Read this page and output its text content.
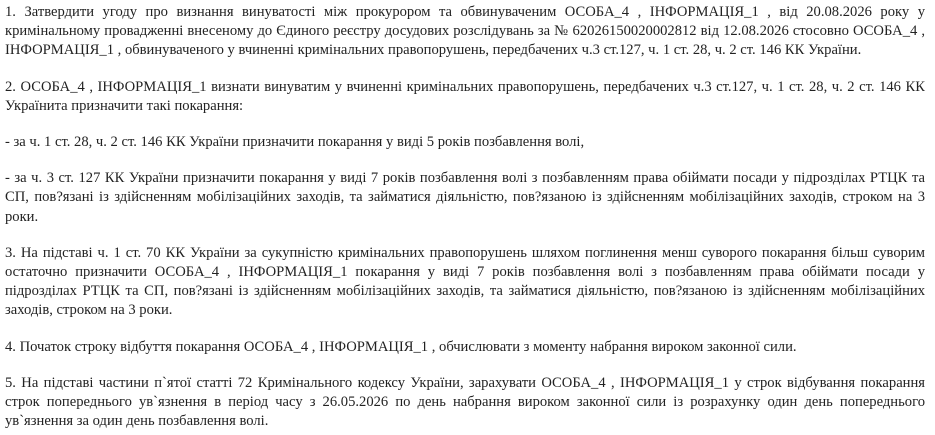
1. Затвердити угоду про визнання винуватості між прокурором та обвинуваченим ОСОБА_4 , ІНФОРМАЦІЯ_1 , від 20.08.2026 року у кримінальному провадженні внесеному до Єдиного реєстру досудових розслідувань за № 62026150020002812 від 12.08.2026 стосовно ОСОБА_4 , ІНФОРМАЦІЯ_1 , обвинуваченого у вчиненні кримінальних правопорушень, передбачених ч.3 ст.127, ч. 1 ст. 28, ч. 2 ст. 146 КК України.

2. ОСОБА_4 , ІНФОРМАЦІЯ_1 визнати винуватим у вчиненні кримінальних правопорушень, передбачених ч.3 ст.127, ч. 1 ст. 28, ч. 2 ст. 146 КК Українита призначити такі покарання:

- за ч. 1 ст. 28, ч. 2 ст. 146 КК України призначити покарання у виді 5 років позбавлення волі,

- за ч. 3 ст. 127 КК України призначити покарання у виді 7 років позбавлення волі з позбавленням права обіймати посади у підрозділах РТЦК та СП, пов?язані із здійсненням мобілізаційних заходів, та займатися діяльністю, пов?язаною із здійсненням мобілізаційних заходів, строком на 3 роки.

3. На підставі ч. 1 ст. 70 КК України за сукупністю кримінальних правопорушень шляхом поглинення менш суворого покарання більш суворим остаточно призначити ОСОБА_4 , ІНФОРМАЦІЯ_1 покарання у виді 7 років позбавлення волі з позбавленням права обіймати посади у підрозділах РТЦК та СП, пов?язані із здійсненням мобілізаційних заходів, та займатися діяльністю, пов?язаною із здійсненням мобілізаційних заходів, строком на 3 роки.

4. Початок строку відбуття покарання ОСОБА_4 , ІНФОРМАЦІЯ_1 , обчислювати з моменту набрання вироком законної сили.

5. На підставі частини п`ятої статті 72 Кримінального кодексу України, зарахувати ОСОБА_4 , ІНФОРМАЦІЯ_1 у строк відбування покарання строк попереднього ув`язнення в період часу з 26.05.2026 по день набрання вироком законної сили із розрахунку один день попереднього ув`язнення за один день позбавлення волі.
